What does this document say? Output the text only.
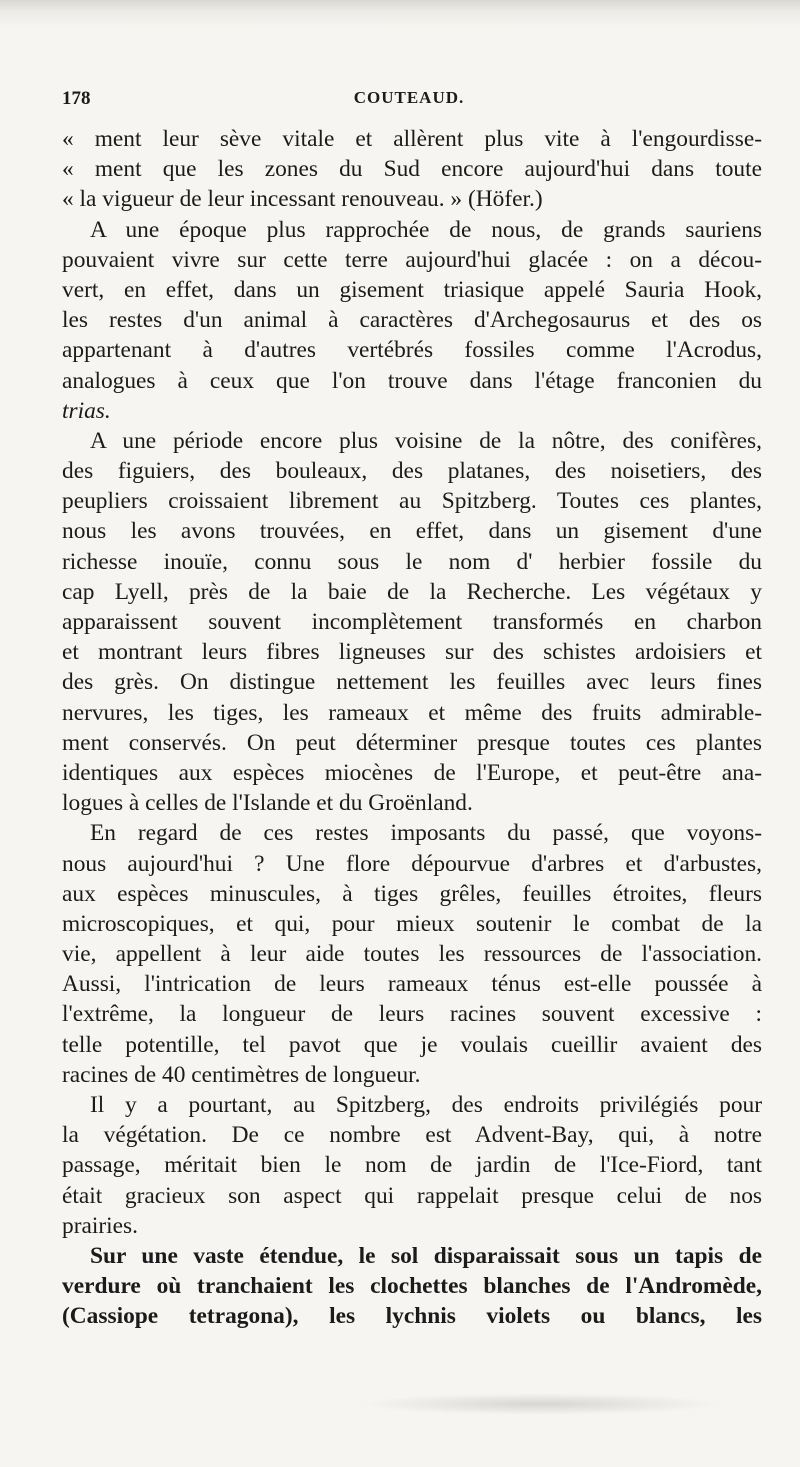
178	COUTEAUD.
« ment leur sève vitale et allèrent plus vite à l'engourdisse-
« ment que les zones du Sud encore aujourd'hui dans toute
« la vigueur de leur incessant renouveau. » (Höfer.)
A une époque plus rapprochée de nous, de grands sauriens
pouvaient vivre sur cette terre aujourd'hui glacée : on a décou-
vert, en effet, dans un gisement triasique appelé Sauria Hook,
les restes d'un animal à caractères d'Archegosaurus et des os
appartenant à d'autres vertébrés fossiles comme l'Acrodus,
analogues à ceux que l'on trouve dans l'étage franconien du
trias.
A une période encore plus voisine de la nôtre, des conifères,
des figuiers, des bouleaux, des platanes, des noisetiers, des
peupliers croissaient librement au Spitzberg. Toutes ces plantes,
nous les avons trouvées, en effet, dans un gisement d'une
richesse inouïe, connu sous le nom d' herbier fossile du
cap Lyell, près de la baie de la Recherche. Les végétaux y
apparaissent souvent incomplètement transformés en charbon
et montrant leurs fibres ligneuses sur des schistes ardoisiers et
des grès. On distingue nettement les feuilles avec leurs fines
nervures, les tiges, les rameaux et même des fruits admirable-
ment conservés. On peut déterminer presque toutes ces plantes
identiques aux espèces miocènes de l'Europe, et peut-être ana-
logues à celles de l'Islande et du Groënland.
En regard de ces restes imposants du passé, que voyons-
nous aujourd'hui ? Une flore dépourvue d'arbres et d'arbustes,
aux espèces minuscules, à tiges grêles, feuilles étroites, fleurs
microscopiques, et qui, pour mieux soutenir le combat de la
vie, appellent à leur aide toutes les ressources de l'association.
Aussi, l'intrication de leurs rameaux ténus est-elle poussée à
l'extrême, la longueur de leurs racines souvent excessive :
telle potentille, tel pavot que je voulais cueillir avaient des
racines de 40 centimètres de longueur.
Il y a pourtant, au Spitzberg, des endroits privilégiés pour
la végétation. De ce nombre est Advent-Bay, qui, à notre
passage, méritait bien le nom de jardin de l'Ice-Fiord, tant
était gracieux son aspect qui rappelait presque celui de nos
prairies.
Sur une vaste étendue, le sol disparaissait sous un tapis de
verdure où tranchaient les clochettes blanches de l'Andromède,
(Cassiope tetragona), les lychnis violets ou blancs, les
